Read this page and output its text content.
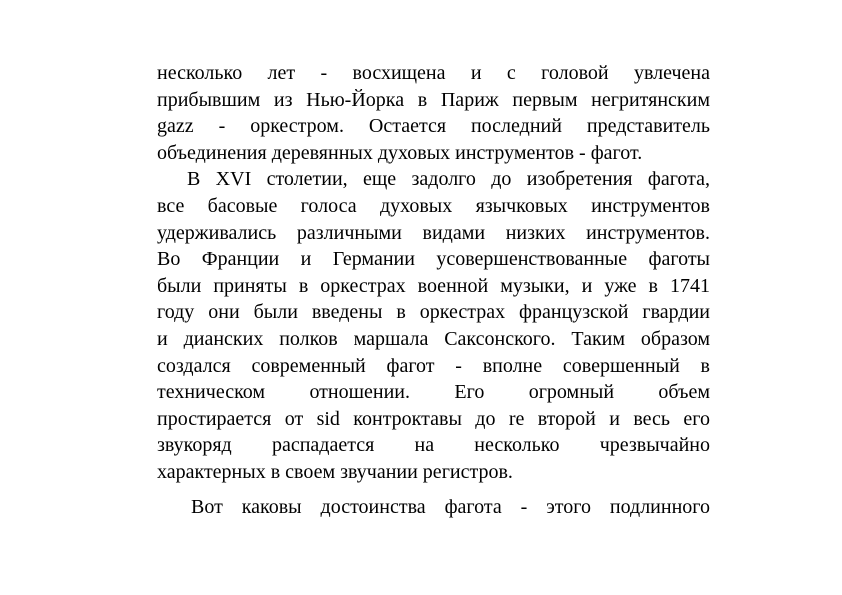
несколько лет - восхищена и с головой увлечена
прибывшим из Нью-Йорка в Париж первым негритянским
gazz - оркестром. Остается последний представитель
объединения деревянных духовых инструментов - фагот.
В XVI столетии, еще задолго до изобретения фагота,
все басовые голоса духовых язычковых инструментов
удерживались различными видами низких инструментов.
Во Франции и Германии усовершенствованные фаготы
были приняты в оркестрах военной музыки, и уже в 1741
году они были введены в оркестрах французской гвардии
и дианских полков маршала Саксонского. Таким образом
создался современный фагот - вполне совершенный в
техническом отношении. Его огромный объем
простирается от sid контроктавы до re второй и весь его
звукоряд распадается на несколько чрезвычайно
характерных в своем звучании регистров.
Вот каковы достоинства фагота - этого подлинного
